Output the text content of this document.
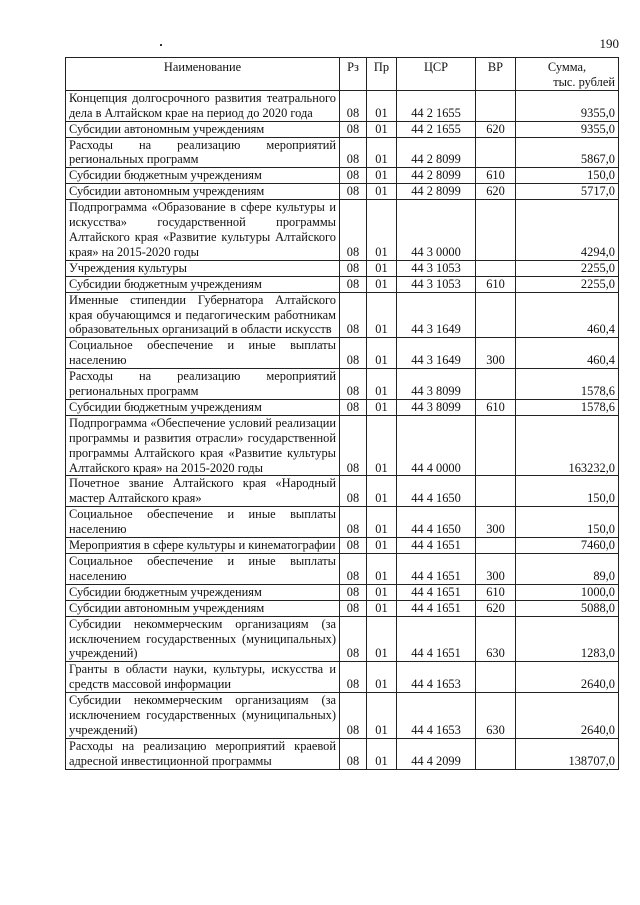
190
Наименование	Рз	Пр	ЦСР	ВР	Сумма,
тыс. рублей

Концепция долгосрочного развития театрального дела в Алтайском крае на период до 2020 года	08	01	44 2 1655		9355,0
Субсидии автономным учреждениям	08	01	44 2 1655	620	9355,0
Расходы на реализацию мероприятий региональных программ	08	01	44 2 8099		5867,0
Субсидии бюджетным учреждениям	08	01	44 2 8099	610	150,0
Субсидии автономным учреждениям	08	01	44 2 8099	620	5717,0
Подпрограмма «Образование в сфере культуры и искусства» государственной программы Алтайского края «Развитие культуры Алтайского края» на 2015-2020 годы	08	01	44 3 0000		4294,0
Учреждения культуры	08	01	44 3 1053		2255,0
Субсидии бюджетным учреждениям	08	01	44 3 1053	610	2255,0
Именные стипендии Губернатора Алтайского края обучающимся и педагогическим работникам образовательных организаций в области искусств	08	01	44 3 1649		460,4
Социальное обеспечение и иные выплаты населению	08	01	44 3 1649	300	460,4
Расходы на реализацию мероприятий региональных программ	08	01	44 3 8099		1578,6
Субсидии бюджетным учреждениям	08	01	44 3 8099	610	1578,6
Подпрограмма «Обеспечение условий реализации программы и развития отрасли» государственной программы Алтайского края «Развитие культуры Алтайского края» на 2015-2020 годы	08	01	44 4 0000		163232,0
Почетное звание Алтайского края «Народный мастер Алтайского края»	08	01	44 4 1650		150,0
Социальное обеспечение и иные выплаты населению	08	01	44 4 1650	300	150,0
Мероприятия в сфере культуры и кинематографии	08	01	44 4 1651		7460,0
Социальное обеспечение и иные выплаты населению	08	01	44 4 1651	300	89,0
Субсидии бюджетным учреждениям	08	01	44 4 1651	610	1000,0
Субсидии автономным учреждениям	08	01	44 4 1651	620	5088,0
Субсидии некоммерческим организациям (за исключением государственных (муниципальных) учреждений)	08	01	44 4 1651	630	1283,0
Гранты в области науки, культуры, искусства и средств массовой информации	08	01	44 4 1653		2640,0
Субсидии некоммерческим организациям (за исключением государственных (муниципальных) учреждений)	08	01	44 4 1653	630	2640,0
Расходы на реализацию мероприятий краевой адресной инвестиционной программы	08	01	44 4 2099		138707,0
